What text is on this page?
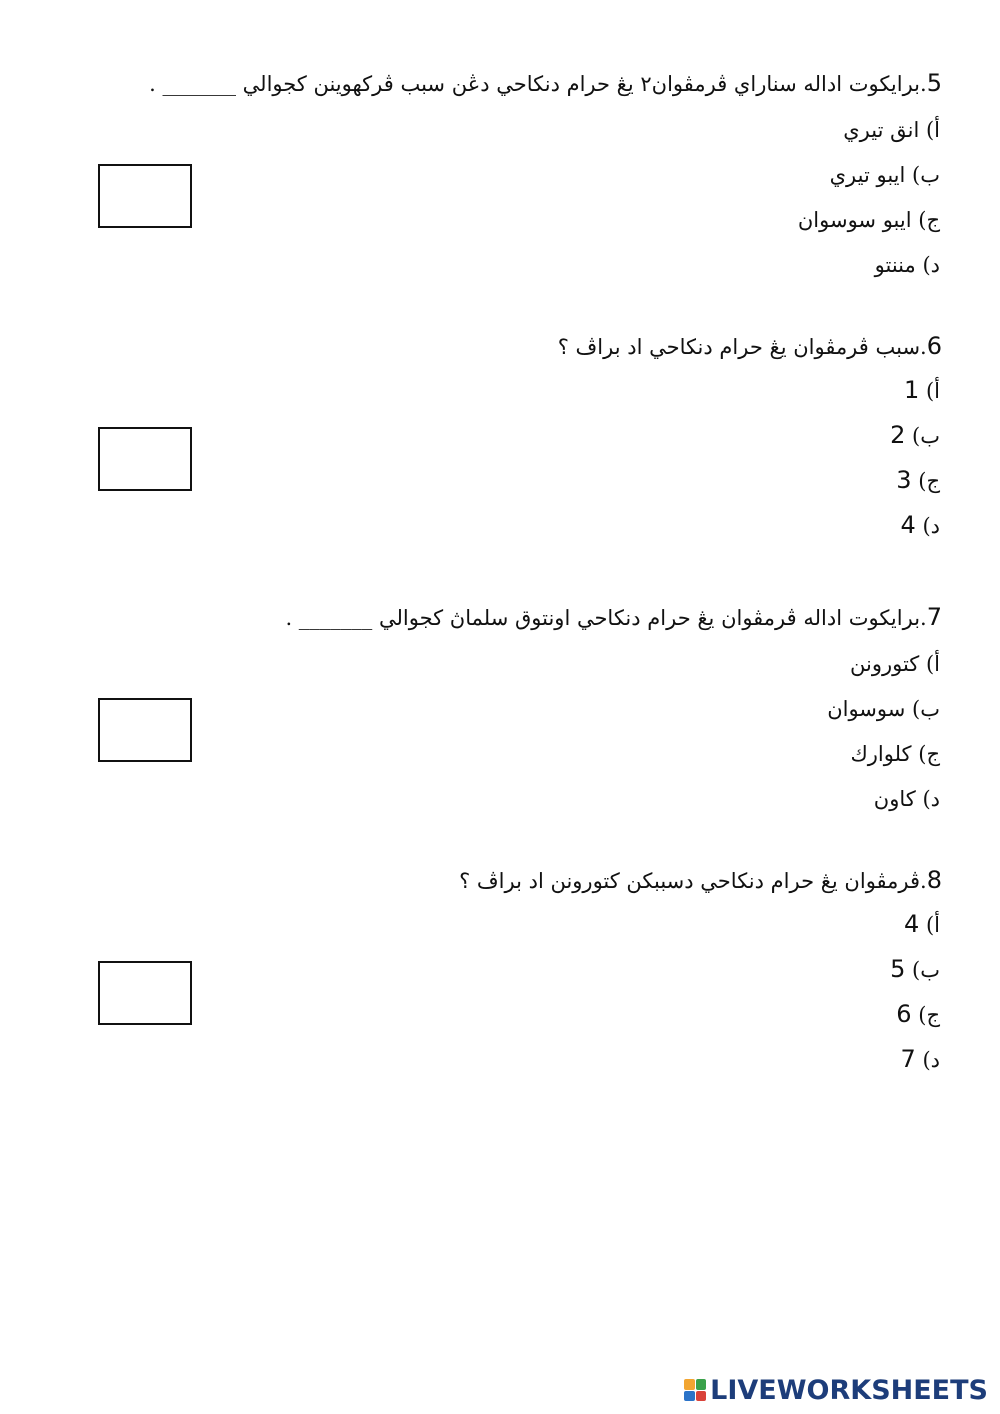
5.برايكوت اداله سناراي ڤرمڤوان٢ يڠ حرام دنكاحي دڠن سبب ڤركهوينن كجوالي _______ .
أ) انق تيري
ب) ايبو تيري
ج) ايبو سوسوان
د) مننتو
6.سبب ڤرمڤوان يڠ حرام دنكاحي اد براڤ ؟
أ) 1
ب) 2
ج) 3
د) 4
7.برايكوت اداله ڤرمڤوان يڠ حرام دنكاحي اونتوق سلماڽ كجوالي _______ .
أ) كتورونن
ب) سوسوان
ج) كلوارك
د) كاون
8.ڤرمڤوان يڠ حرام دنكاحي دسببكن كتورونن اد براڤ ؟
أ) 4
ب) 5
ج) 6
د) 7
LIVEWORKSHEETS
